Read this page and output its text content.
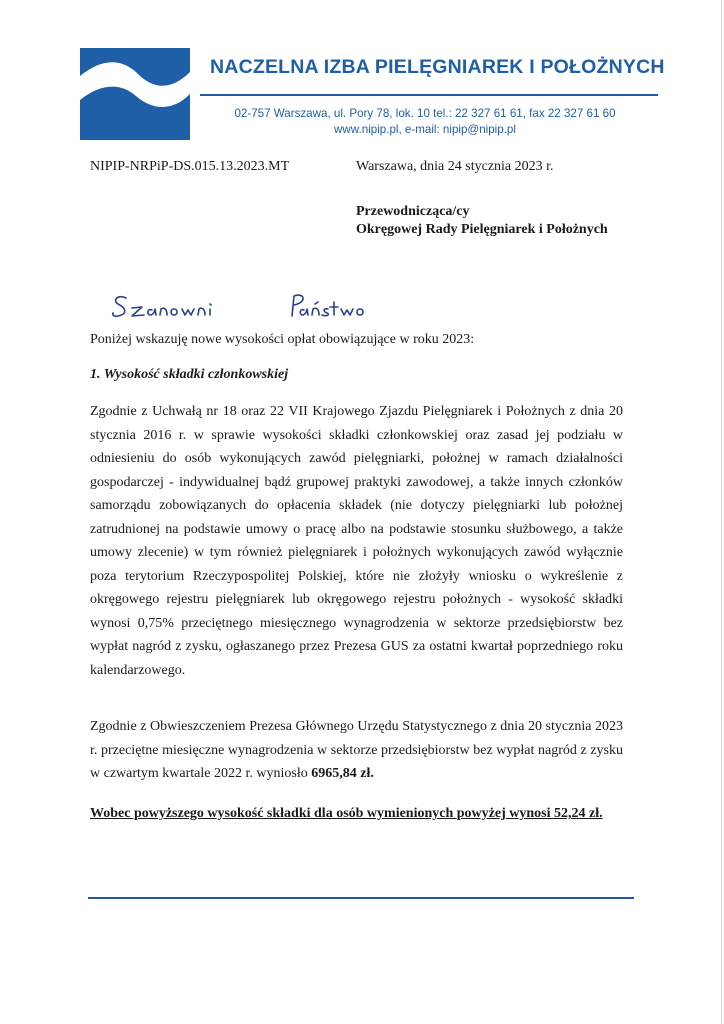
NACZELNA IZBA PIELĘGNIAREK I POŁOŻNYCH
02-757 Warszawa, ul. Pory 78, lok. 10 tel.: 22 327 61 61, fax 22 327 61 60
www.nipip.pl, e-mail: nipip@nipip.pl
NIPIP-NRPiP-DS.015.13.2023.MT	Warszawa, dnia 24 stycznia 2023 r.
Przewodnicząca/cy
Okręgowej Rady Pielęgniarek i Położnych
Poniżej wskazuję nowe wysokości opłat obowiązujące w roku 2023:
1. Wysokość składki członkowskiej
Zgodnie z Uchwałą nr 18 oraz 22 VII Krajowego Zjazdu Pielęgniarek i Położnych z dnia 20 stycznia 2016 r. w sprawie wysokości składki członkowskiej oraz zasad jej podziału w odniesieniu do osób wykonujących zawód pielęgniarki, położnej w ramach działalności gospodarczej - indywidualnej bądź grupowej praktyki zawodowej, a także innych członków samorządu zobowiązanych do opłacenia składek (nie dotyczy pielęgniarki lub położnej zatrudnionej na podstawie umowy o pracę albo na podstawie stosunku służbowego, a także umowy zlecenie) w tym również pielęgniarek i położnych wykonujących zawód wyłącznie poza terytorium Rzeczypospolitej Polskiej, które nie złożyły wniosku o wykreślenie z okręgowego rejestru pielęgniarek lub okręgowego rejestru położnych - wysokość składki wynosi 0,75% przeciętnego miesięcznego wynagrodzenia w sektorze przedsiębiorstw bez wypłat nagród z zysku, ogłaszanego przez Prezesa GUS za ostatni kwartał poprzedniego roku kalendarzowego.
Zgodnie z Obwieszczeniem Prezesa Głównego Urzędu Statystycznego z dnia 20 stycznia 2023 r. przeciętne miesięczne wynagrodzenia w sektorze przedsiębiorstw bez wypłat nagród z zysku w czwartym kwartale 2022 r. wyniosło 6965,84 zł.
Wobec powyższego wysokość składki dla osób wymienionych powyżej wynosi 52,24 zł.
